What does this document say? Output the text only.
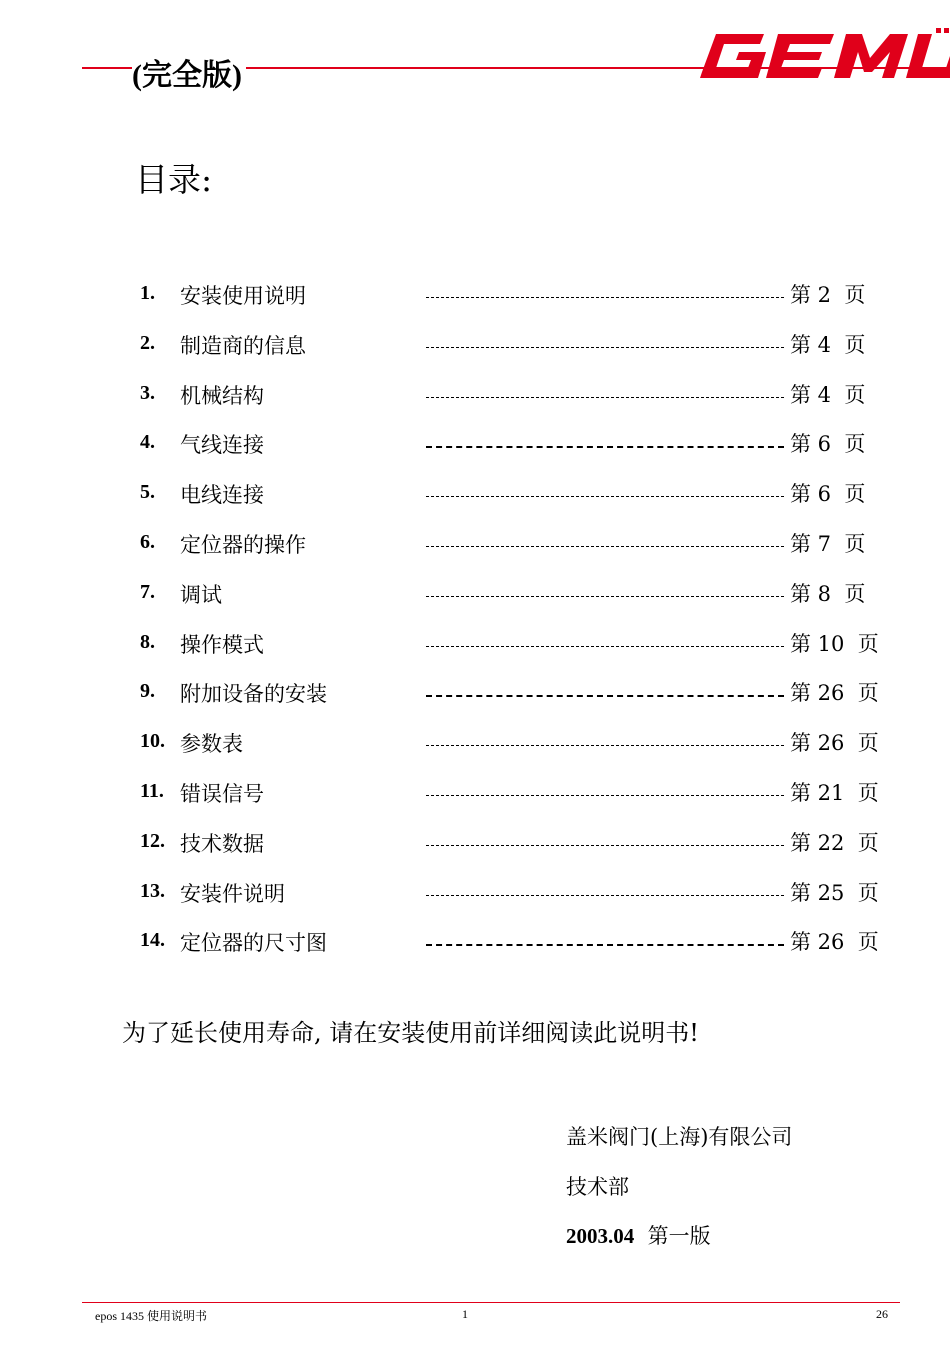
(完全版)
目录:
1. 安装使用说明	第 2  页
2. 制造商的信息	第 4  页
3. 机械结构	第 4  页
4. 气线连接	第 6  页
5. 电线连接	第 6  页
6. 定位器的操作	第 7  页
7. 调试	第 8  页
8. 操作模式	第 10  页
9. 附加设备的安装	第 26  页
10. 参数表	第 26  页
11. 错误信号	第 21  页
12. 技术数据	第 22  页
13. 安装件说明	第 25  页
14. 定位器的尺寸图	第 26  页
为了延长使用寿命, 请在安装使用前详细阅读此说明书!
盖米阀门(上海)有限公司
技术部
2003.04 第一版
epos 1435 使用说明书	1	26
